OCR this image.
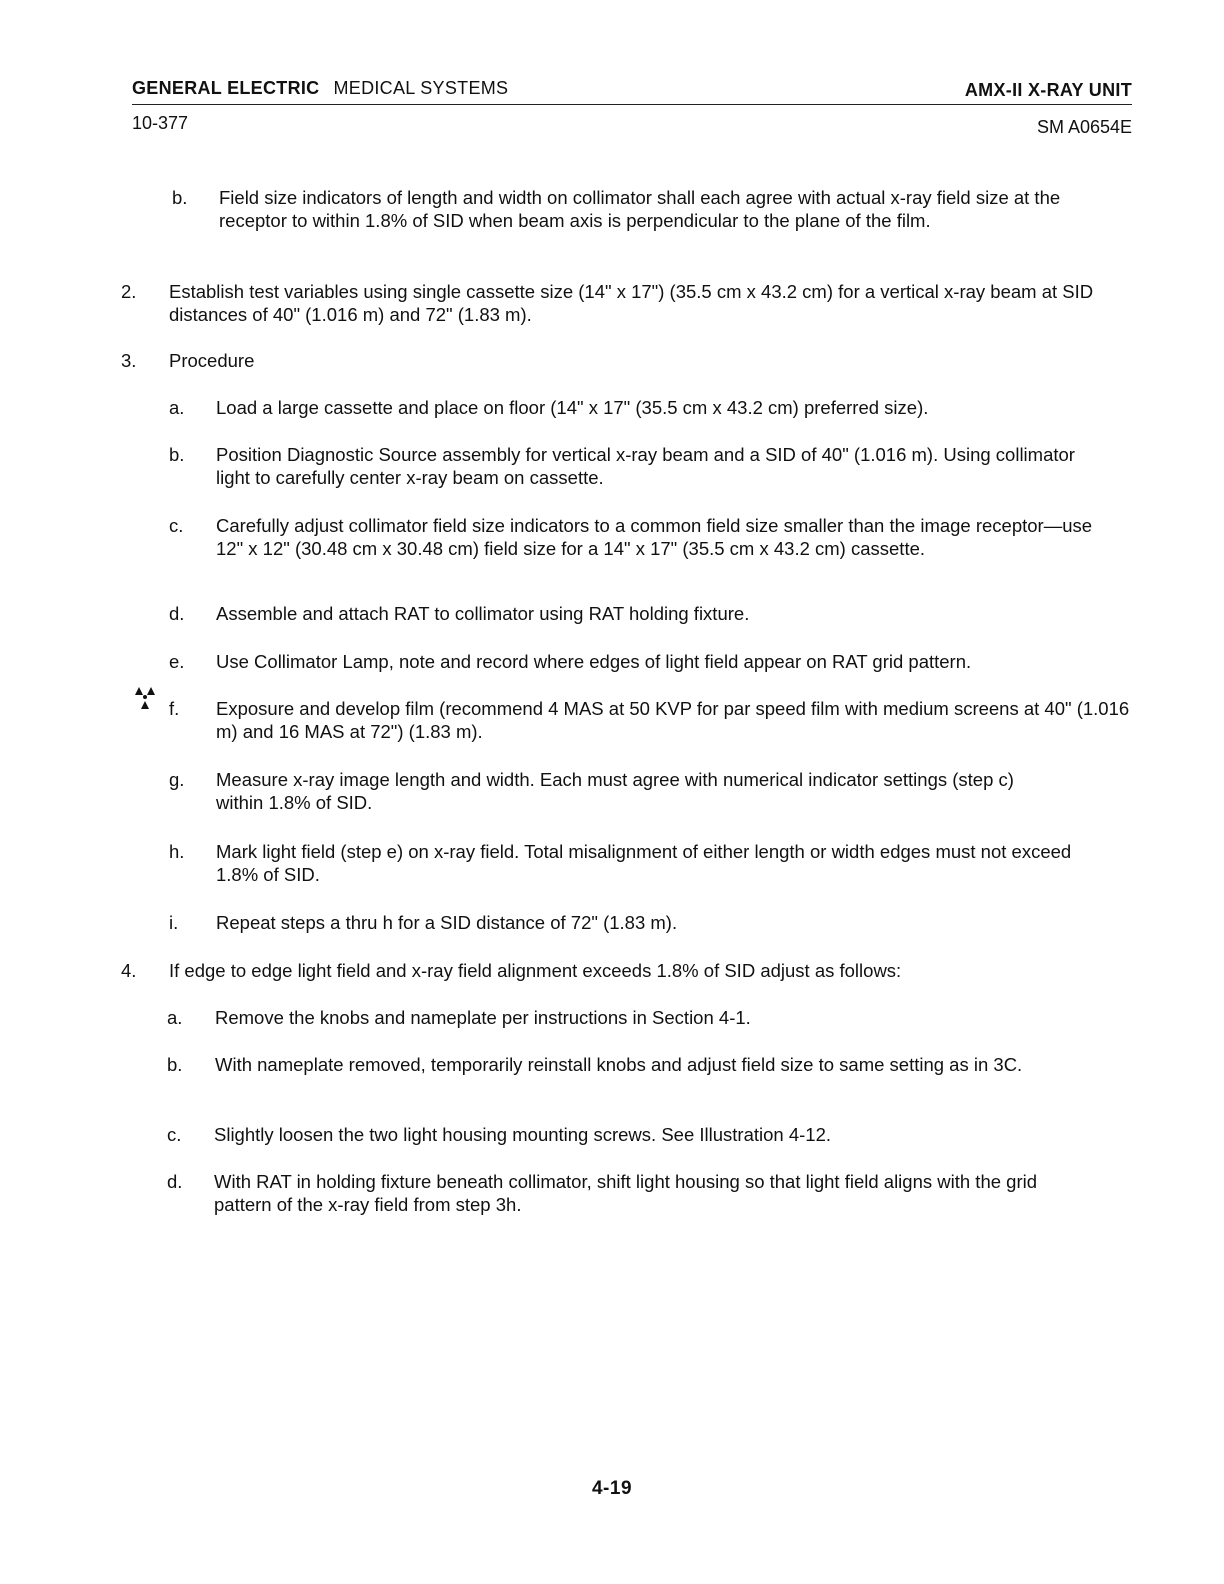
GENERAL ELECTRIC MEDICAL SYSTEMS	AMX-II X-RAY UNIT
10-377	SM A0654E
b. Field size indicators of length and width on collimator shall each agree with actual x-ray field size at the receptor to within 1.8% of SID when beam axis is perpendicular to the plane of the film.
2. Establish test variables using single cassette size (14" x 17") (35.5 cm x 43.2 cm) for a vertical x-ray beam at SID distances of 40" (1.016 m) and 72" (1.83 m).
3. Procedure
a. Load a large cassette and place on floor (14" x 17" (35.5 cm x 43.2 cm) preferred size).
b. Position Diagnostic Source assembly for vertical x-ray beam and a SID of 40" (1.016 m). Using collimator light to carefully center x-ray beam on cassette.
c. Carefully adjust collimator field size indicators to a common field size smaller than the image receptor—use 12" x 12" (30.48 cm x 30.48 cm) field size for a 14" x 17" (35.5 cm x 43.2 cm) cassette.
d. Assemble and attach RAT to collimator using RAT holding fixture.
e. Use Collimator Lamp, note and record where edges of light field appear on RAT grid pattern.
f. Exposure and develop film (recommend 4 MAS at 50 KVP for par speed film with medium screens at 40" (1.016 m) and 16 MAS at 72") (1.83 m).
g. Measure x-ray image length and width. Each must agree with numerical indicator settings (step c) within 1.8% of SID.
h. Mark light field (step e) on x-ray field. Total misalignment of either length or width edges must not exceed 1.8% of SID.
i. Repeat steps a thru h for a SID distance of 72" (1.83 m).
4. If edge to edge light field and x-ray field alignment exceeds 1.8% of SID adjust as follows:
a. Remove the knobs and nameplate per instructions in Section 4-1.
b. With nameplate removed, temporarily reinstall knobs and adjust field size to same setting as in 3C.
c. Slightly loosen the two light housing mounting screws. See Illustration 4-12.
d. With RAT in holding fixture beneath collimator, shift light housing so that light field aligns with the grid pattern of the x-ray field from step 3h.
4-19
